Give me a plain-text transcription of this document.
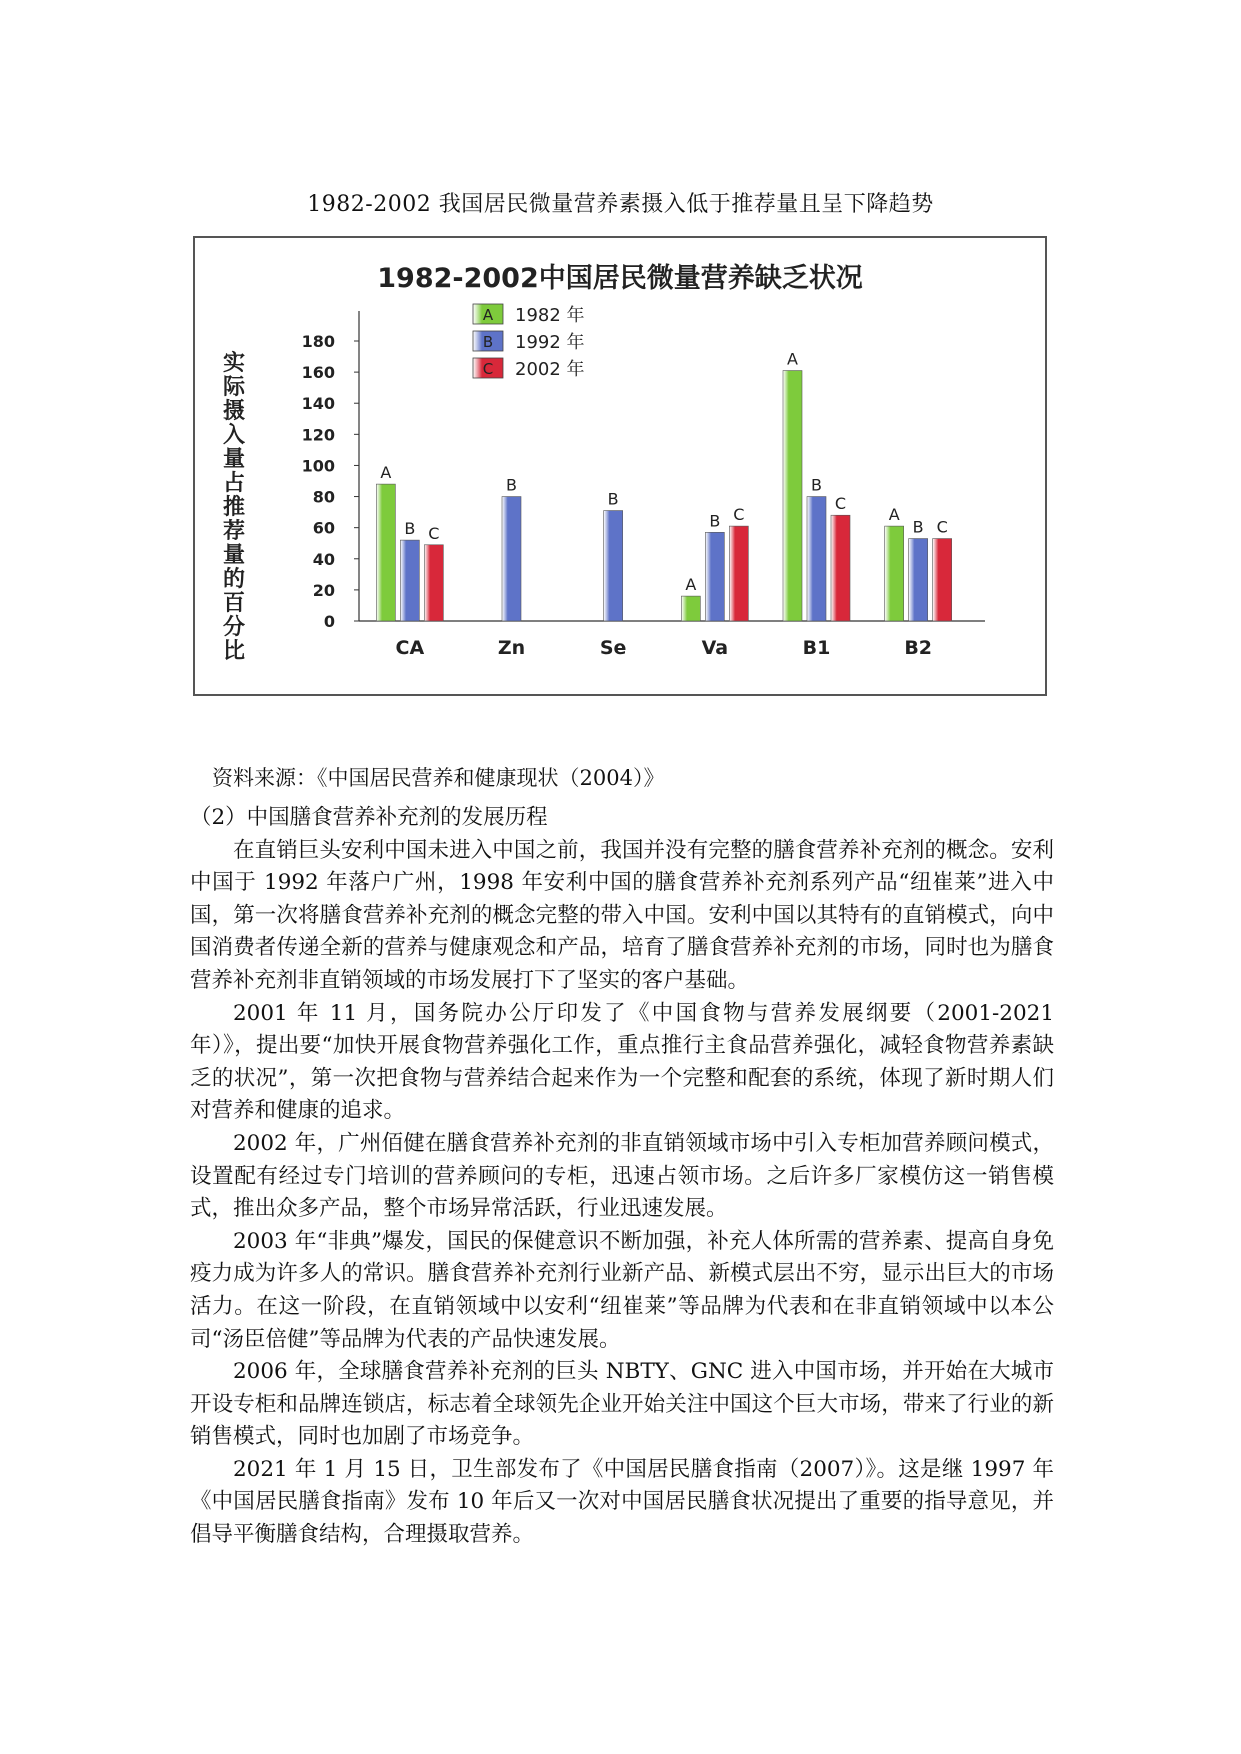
1982-2002 我国居民微量营养素摄入低于推荐量且呈下降趋势
1982-2002中国居民微量营养缺乏状况
实际摄入量占推荐量的百分比
0
20
40
60
80
100
120
140
160
180
CA	Zn	Se	Va	B1	B2
A
B C
B
B
A
B C
A
B
C
A
B C
A 1982 年
B 1992 年
C 2002 年
资料来源：《中国居民营养和健康现状（2004）》

（2）中国膳食营养补充剂的发展历程

在直销巨头安利中国未进入中国之前，我国并没有完整的膳食营养补充剂的概念。安利中国于 1992 年落户广州，1998 年安利中国的膳食营养补充剂系列产品“纽崔莱”进入中国，第一次将膳食营养补充剂的概念完整的带入中国。安利中国以其特有的直销模式，向中国消费者传递全新的营养与健康观念和产品，培育了膳食营养补充剂的市场，同时也为膳食营养补充剂非直销领域的市场发展打下了坚实的客户基础。

2001 年 11 月，国务院办公厅印发了《中国食物与营养发展纲要（2001-2021 年）》，提出要“加快开展食物营养强化工作，重点推行主食品营养强化，减轻食物营养素缺乏的状况”，第一次把食物与营养结合起来作为一个完整和配套的系统，体现了新时期人们对营养和健康的追求。

2002 年，广州佰健在膳食营养补充剂的非直销领域市场中引入专柜加营养顾问模式，设置配有经过专门培训的营养顾问的专柜，迅速占领市场。之后许多厂家模仿这一销售模式，推出众多产品，整个市场异常活跃，行业迅速发展。

2003 年“非典”爆发，国民的保健意识不断加强，补充人体所需的营养素、提高自身免疫力成为许多人的常识。膳食营养补充剂行业新产品、新模式层出不穷，显示出巨大的市场活力。在这一阶段，在直销领域中以安利“纽崔莱”等品牌为代表和在非直销领域中以本公司“汤臣倍健”等品牌为代表的产品快速发展。

2006 年，全球膳食营养补充剂的巨头 NBTY、GNC 进入中国市场，并开始在大城市开设专柜和品牌连锁店，标志着全球领先企业开始关注中国这个巨大市场，带来了行业的新销售模式，同时也加剧了市场竞争。

2021 年 1 月 15 日，卫生部发布了《中国居民膳食指南（2007）》。这是继 1997 年《中国居民膳食指南》发布 10 年后又一次对中国居民膳食状况提出了重要的指导意见，并倡导平衡膳食结构，合理摄取营养。
